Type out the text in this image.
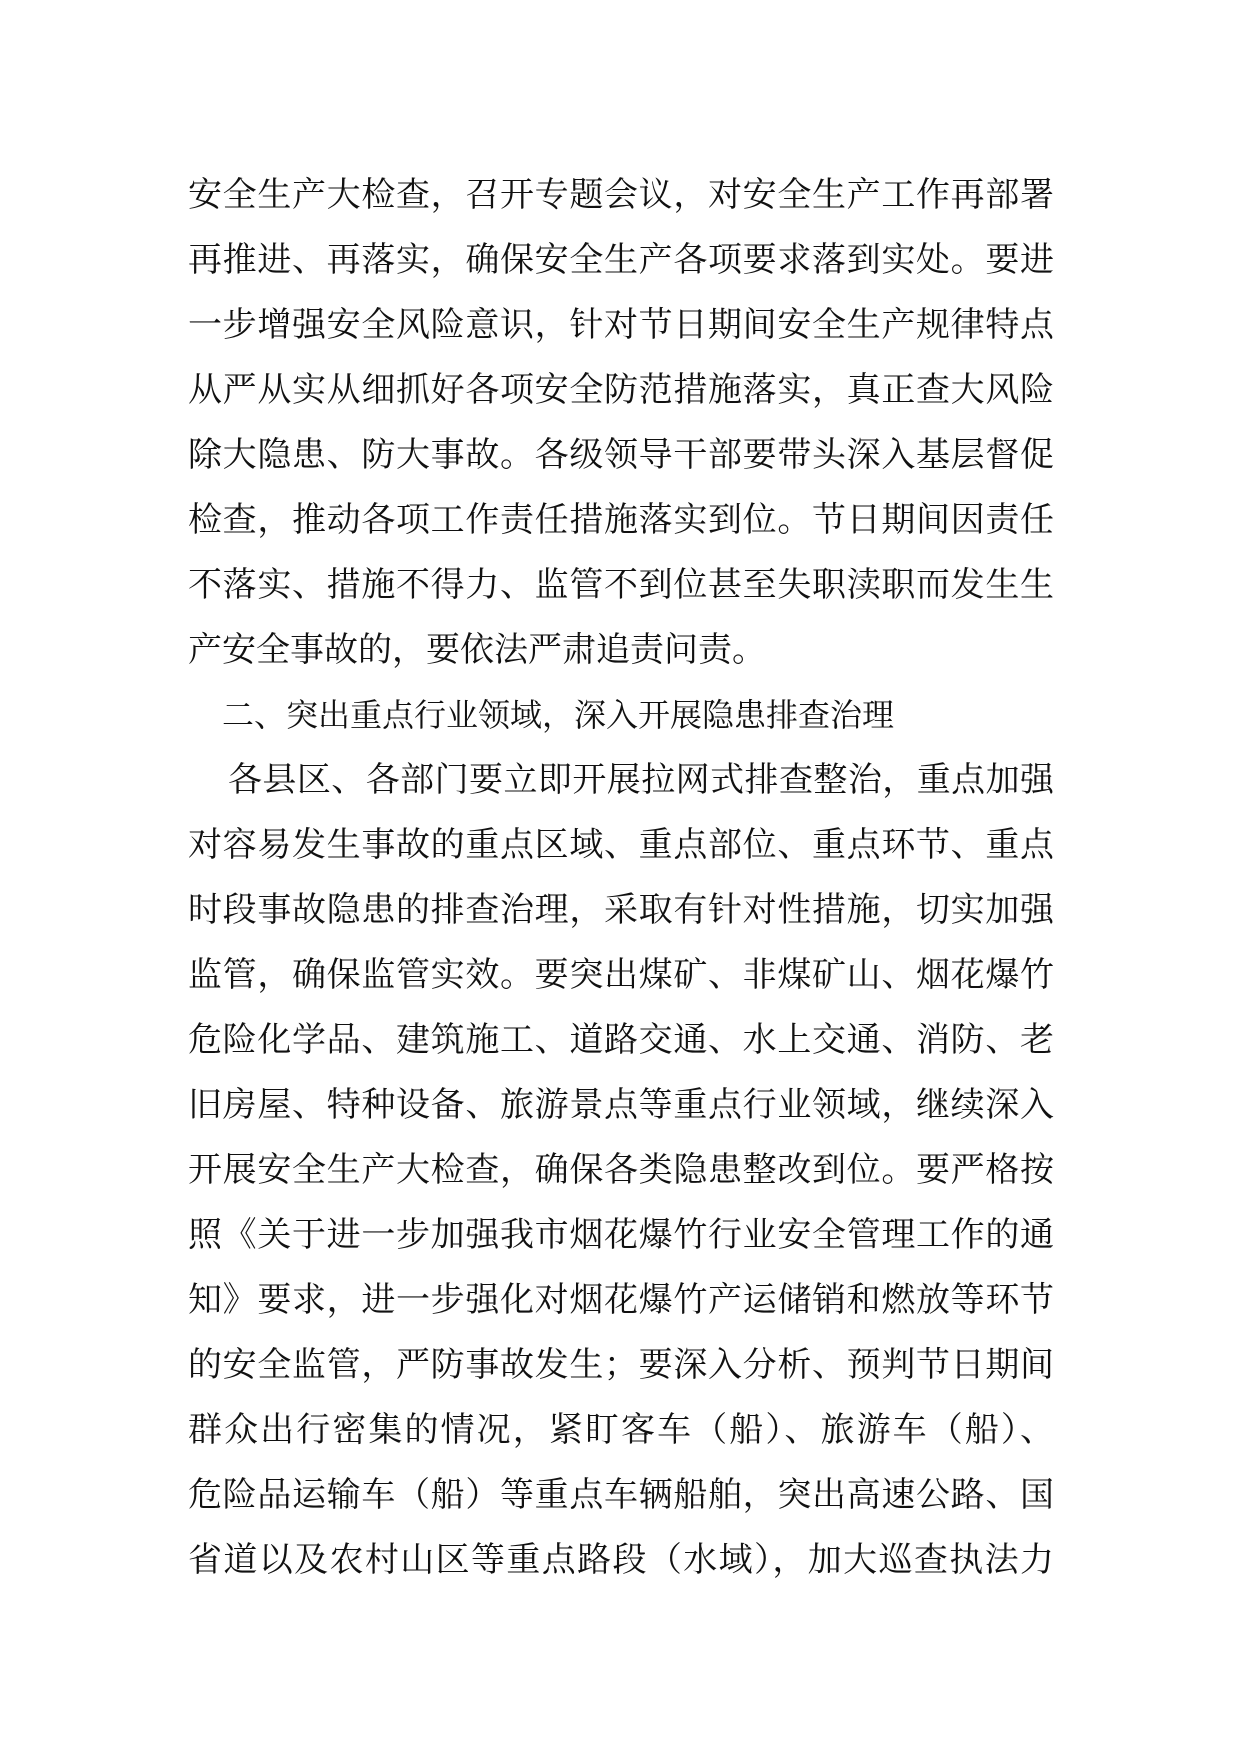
安全生产大检查，召开专题会议，对安全生产工作再部署
再推进、再落实，确保安全生产各项要求落到实处。要进
一步增强安全风险意识，针对节日期间安全生产规律特点
从严从实从细抓好各项安全防范措施落实，真正查大风险
除大隐患、防大事故。各级领导干部要带头深入基层督促
检查，推动各项工作责任措施落实到位。节日期间因责任
不落实、措施不得力、监管不到位甚至失职渎职而发生生
产安全事故的，要依法严肃追责问责。
二、突出重点行业领域，深入开展隐患排查治理
各县区、各部门要立即开展拉网式排查整治，重点加强
对容易发生事故的重点区域、重点部位、重点环节、重点
时段事故隐患的排查治理，采取有针对性措施，切实加强
监管，确保监管实效。要突出煤矿、非煤矿山、烟花爆竹
危险化学品、建筑施工、道路交通、水上交通、消防、老
旧房屋、特种设备、旅游景点等重点行业领域，继续深入
开展安全生产大检查，确保各类隐患整改到位。要严格按
照《关于进一步加强我市烟花爆竹行业安全管理工作的通
知》要求，进一步强化对烟花爆竹产运储销和燃放等环节
的安全监管，严防事故发生；要深入分析、预判节日期间
群众出行密集的情况，紧盯客车（船）、旅游车（船）、
危险品运输车（船）等重点车辆船舶，突出高速公路、国
省道以及农村山区等重点路段（水域），加大巡查执法力
